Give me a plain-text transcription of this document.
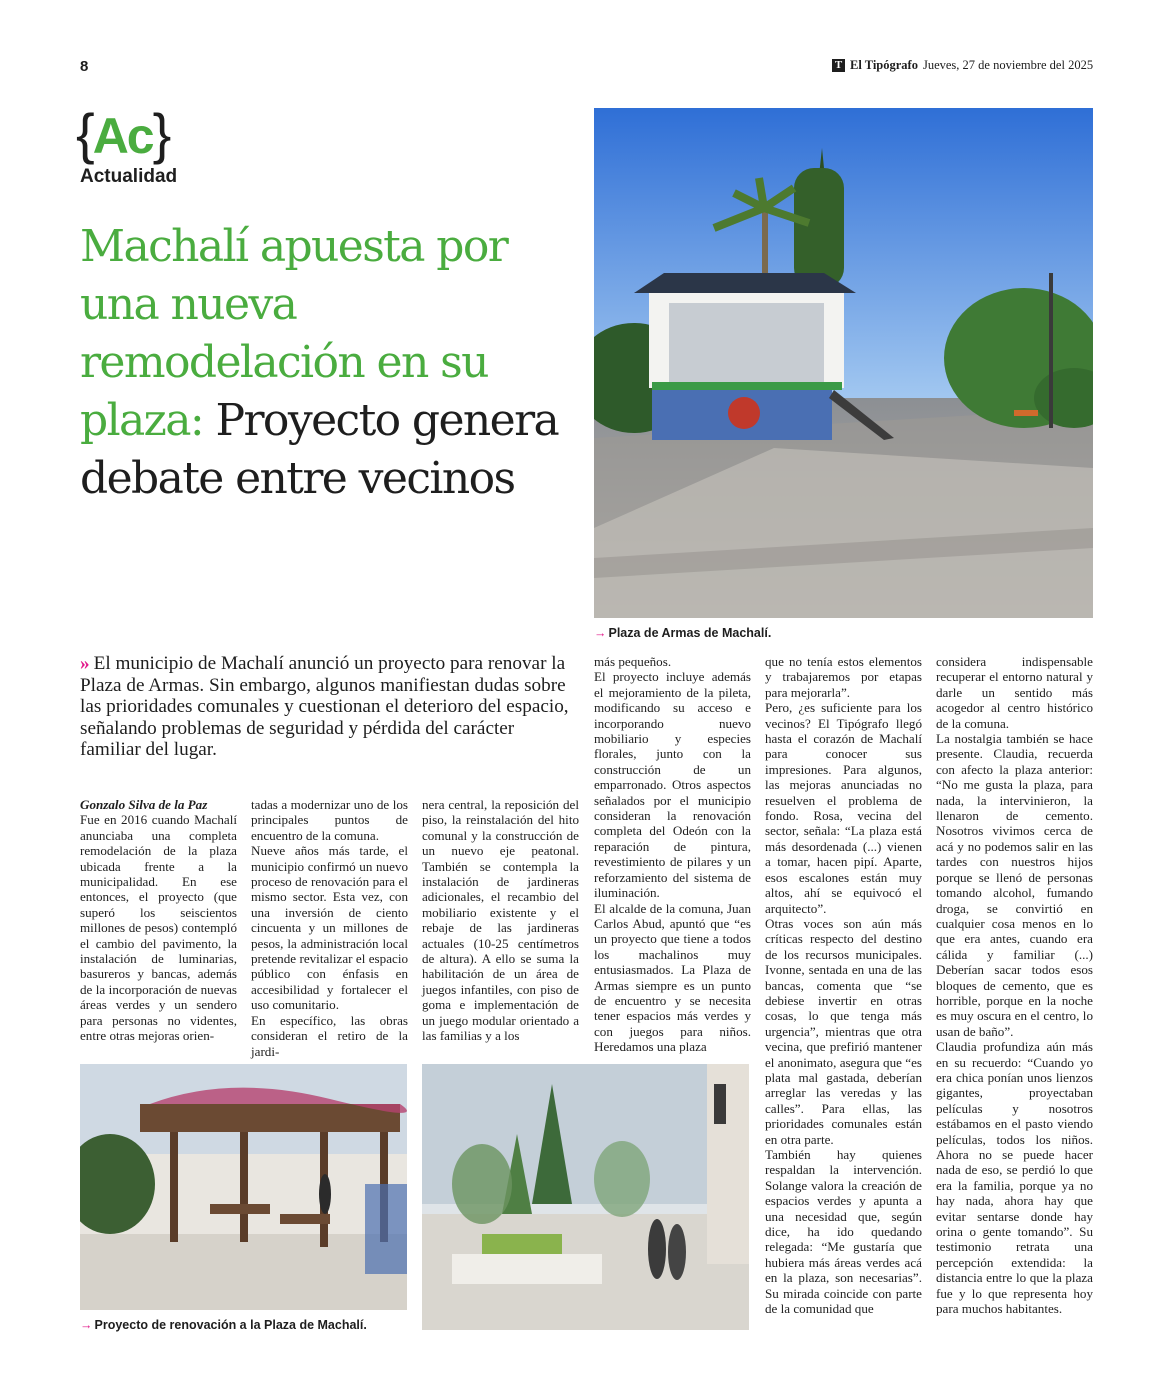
8	T El Tipógrafo Jueves, 27 de noviembre del 2025
{Ac}
Actualidad
Machalí apuesta por una nueva remodelación en su plaza: Proyecto genera debate entre vecinos
→ Plaza de Armas de Machalí.
» El municipio de Machalí anunció un proyecto para renovar la Plaza de Armas. Sin embargo, algunos manifiestan dudas sobre las prioridades comunales y cuestionan el deterioro del espacio, señalando problemas de seguridad y pérdida del carácter familiar del lugar.

Gonzalo Silva de la Paz

Fue en 2016 cuando Machalí anunciaba una completa remodelación de la plaza ubicada frente a la municipalidad. En ese entonces, el proyecto (que superó los seiscientos millones de pesos) contempló el cambio del pavimento, la instalación de luminarias, basureros y bancas, además de la incorporación de nuevas áreas verdes y un sendero para personas no videntes, entre otras mejoras orien-

tadas a modernizar uno de los principales puntos de encuentro de la comuna.

Nueve años más tarde, el municipio confirmó un nuevo proceso de renovación para el mismo sector. Esta vez, con una inversión de ciento cincuenta y un millones de pesos, la administración local pretende revitalizar el espacio público con énfasis en accesibilidad y fortalecer el uso comunitario.

En específico, las obras consideran el retiro de la jardi-

nera central, la reposición del piso, la reinstalación del hito comunal y la construcción de un nuevo eje peatonal. También se contempla la instalación de jardineras adicionales, el recambio del mobiliario existente y el rebaje de las jardineras actuales (10-25 centímetros de altura). A ello se suma la habilitación de un área de juegos infantiles, con piso de goma e implementación de un juego modular orientado a las familias y a los

más pequeños.

El proyecto incluye además el mejoramiento de la pileta, modificando su acceso e incorporando nuevo mobiliario y especies florales, junto con la construcción de un emparronado. Otros aspectos señalados por el municipio consideran la renovación completa del Odeón con la reparación de pintura, revestimiento de pilares y un reforzamiento del sistema de iluminación.

El alcalde de la comuna, Juan Carlos Abud, apuntó que “es un proyecto que tiene a todos los machalinos muy entusiasmados. La Plaza de Armas siempre es un punto de encuentro y se necesita tener espacios más verdes y con juegos para niños. Heredamos una plaza

que no tenía estos elementos y trabajaremos por etapas para mejorarla”.

Pero, ¿es suficiente para los vecinos? El Tipógrafo llegó hasta el corazón de Machalí para conocer sus impresiones. Para algunos, las mejoras anunciadas no resuelven el problema de fondo. Rosa, vecina del sector, señala: “La plaza está más desordenada (...) vienen a tomar, hacen pipí. Aparte, esos escalones están muy altos, ahí se equivocó el arquitecto”.

Otras voces son aún más críticas respecto del destino de los recursos municipales. Ivonne, sentada en una de las bancas, comenta que “se debiese invertir en otras cosas, lo que tenga más urgencia”, mientras que otra vecina, que prefirió mantener el anonimato, asegura que “es plata mal gastada, deberían arreglar las veredas y las calles”. Para ellas, las prioridades comunales están en otra parte.

También hay quienes respaldan la intervención. Solange valora la creación de espacios verdes y apunta a una necesidad que, según dice, ha ido quedando relegada: “Me gustaría que hubiera más áreas verdes acá en la plaza, son necesarias”. Su mirada coincide con parte de la comunidad que

considera indispensable recuperar el entorno natural y darle un sentido más acogedor al centro histórico de la comuna.

La nostalgia también se hace presente. Claudia, recuerda con afecto la plaza anterior: “No me gusta la plaza, para nada, la intervinieron, la llenaron de cemento. Nosotros vivimos cerca de acá y no podemos salir en las tardes con nuestros hijos porque se llenó de personas tomando alcohol, fumando droga, se convirtió en cualquier cosa menos en lo que era antes, cuando era cálida y familiar (...) Deberían sacar todos esos bloques de cemento, que es horrible, porque en la noche es muy oscura en el centro, lo usan de baño”.

Claudia profundiza aún más en su recuerdo: “Cuando yo era chica ponían unos lienzos gigantes, proyectaban películas y nosotros estábamos en el pasto viendo películas, todos los niños. Ahora no se puede hacer nada de eso, se perdió lo que era la familia, porque ya no hay nada, ahora hay que evitar sentarse donde hay orina o gente tomando”. Su testimonio retrata una percepción extendida: la distancia entre lo que la plaza fue y lo que representa hoy para muchos habitantes.

→ Proyecto de renovación a la Plaza de Machalí.
